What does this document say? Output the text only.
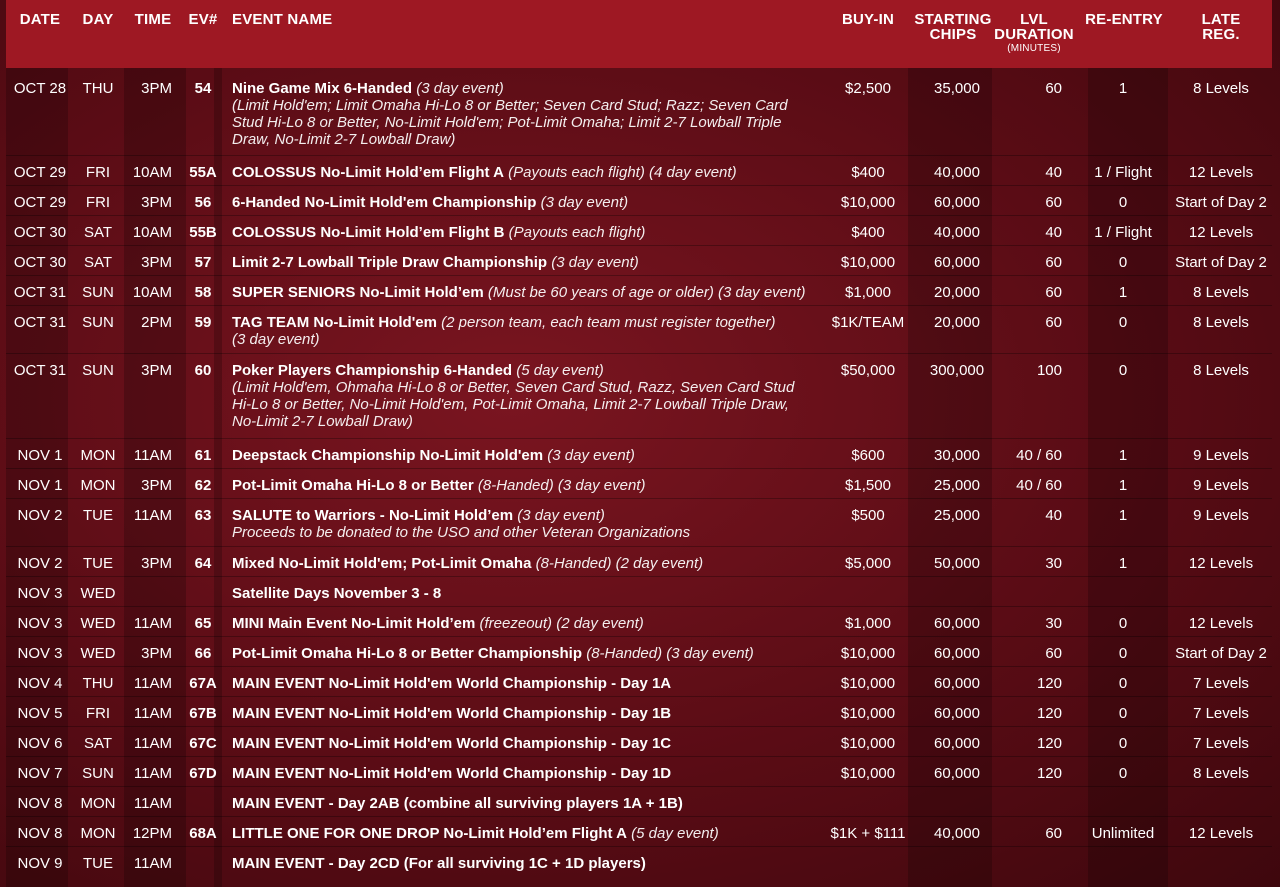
DATE	DAY	TIME	EV# EVENT NAME	BUY-IN	STARTING
CHIPS
LVL
DURATION
(MINUTES)
RE-ENTRY	LATE
REG.
OCT 28	THU	3PM	54	Nine Game Mix 6-Handed (3 day event)
(Limit Hold'em; Limit Omaha Hi-Lo 8 or Better; Seven Card Stud; Razz; Seven Card Stud Hi-Lo 8 or Better, No-Limit Hold'em; Pot-Limit Omaha; Limit 2-7 Lowball Triple Draw, No-Limit 2-7 Lowball Draw)
$2,500	35,000	60	1	8 Levels
OCT 29	FRI	10AM	55A	COLOSSUS No-Limit Hold’em Flight A (Payouts each flight) (4 day event)	$400	40,000	40	1 / Flight	12 Levels
OCT 29	FRI	3PM	56	6-Handed No-Limit Hold'em Championship (3 day event)	$10,000	60,000	60	0	Start of Day 2
OCT 30	SAT	10AM	55B	COLOSSUS No-Limit Hold’em Flight B (Payouts each flight)	$400	40,000	40	1 / Flight	12 Levels
OCT 30	SAT	3PM	57	Limit 2-7 Lowball Triple Draw Championship (3 day event)	$10,000	60,000	60	0	Start of Day 2
OCT 31	SUN	10AM	58	SUPER SENIORS No-Limit Hold’em (Must be 60 years of age or older) (3 day event)	$1,000	20,000	60	1	8 Levels
OCT 31	SUN	2PM	59	TAG TEAM No-Limit Hold'em (2 person team, each team must register together)
(3 day event)
$1K/TEAM	20,000	60	0	8 Levels
OCT 31	SUN	3PM	60	Poker Players Championship 6-Handed (5 day event)
(Limit Hold'em, Ohmaha Hi-Lo 8 or Better, Seven Card Stud, Razz, Seven Card Stud Hi-Lo 8 or Better, No-Limit Hold'em, Pot-Limit Omaha, Limit 2-7 Lowball Triple Draw, No-Limit 2-7 Lowball Draw)
$50,000	300,000	100	0	8 Levels
NOV 1	MON	11AM	61	Deepstack Championship No-Limit Hold'em (3 day event)	$600	30,000	40 / 60	1	9 Levels
NOV 1	MON	3PM	62	Pot-Limit Omaha Hi-Lo 8 or Better (8-Handed) (3 day event)	$1,500	25,000	40 / 60	1	9 Levels
NOV 2	TUE	11AM	63	SALUTE to Warriors - No-Limit Hold’em (3 day event)
Proceeds to be donated to the USO and other Veteran Organizations
$500	25,000	40	1	9 Levels
NOV 2	TUE	3PM	64	Mixed No-Limit Hold'em; Pot-Limit Omaha (8-Handed) (2 day event)	$5,000	50,000	30	1	12 Levels
NOV 3	WED	Satellite Days November 3 - 8
NOV 3	WED	11AM	65	MINI Main Event No-Limit Hold’em (freezeout) (2 day event)	$1,000	60,000	30	0	12 Levels
NOV 3	WED	3PM	66	Pot-Limit Omaha Hi-Lo 8 or Better Championship (8-Handed) (3 day event)	$10,000	60,000	60	0	Start of Day 2
NOV 4	THU	11AM	67A	MAIN EVENT No-Limit Hold'em World Championship - Day 1A	$10,000	60,000	120	0	7 Levels
NOV 5	FRI	11AM	67B	MAIN EVENT No-Limit Hold'em World Championship - Day 1B	$10,000	60,000	120	0	7 Levels
NOV 6	SAT	11AM	67C	MAIN EVENT No-Limit Hold'em World Championship - Day 1C	$10,000	60,000	120	0	7 Levels
NOV 7	SUN	11AM	67D	MAIN EVENT No-Limit Hold'em World Championship - Day 1D	$10,000	60,000	120	0	8 Levels
NOV 8	MON	11AM	MAIN EVENT - Day 2AB (combine all surviving players 1A + 1B)
NOV 8	MON	12PM	68A	LITTLE ONE FOR ONE DROP No-Limit Hold’em Flight A (5 day event)	$1K + $111	40,000	60	Unlimited	12 Levels
NOV 9	TUE	11AM	MAIN EVENT - Day 2CD (For all surviving 1C + 1D players)
